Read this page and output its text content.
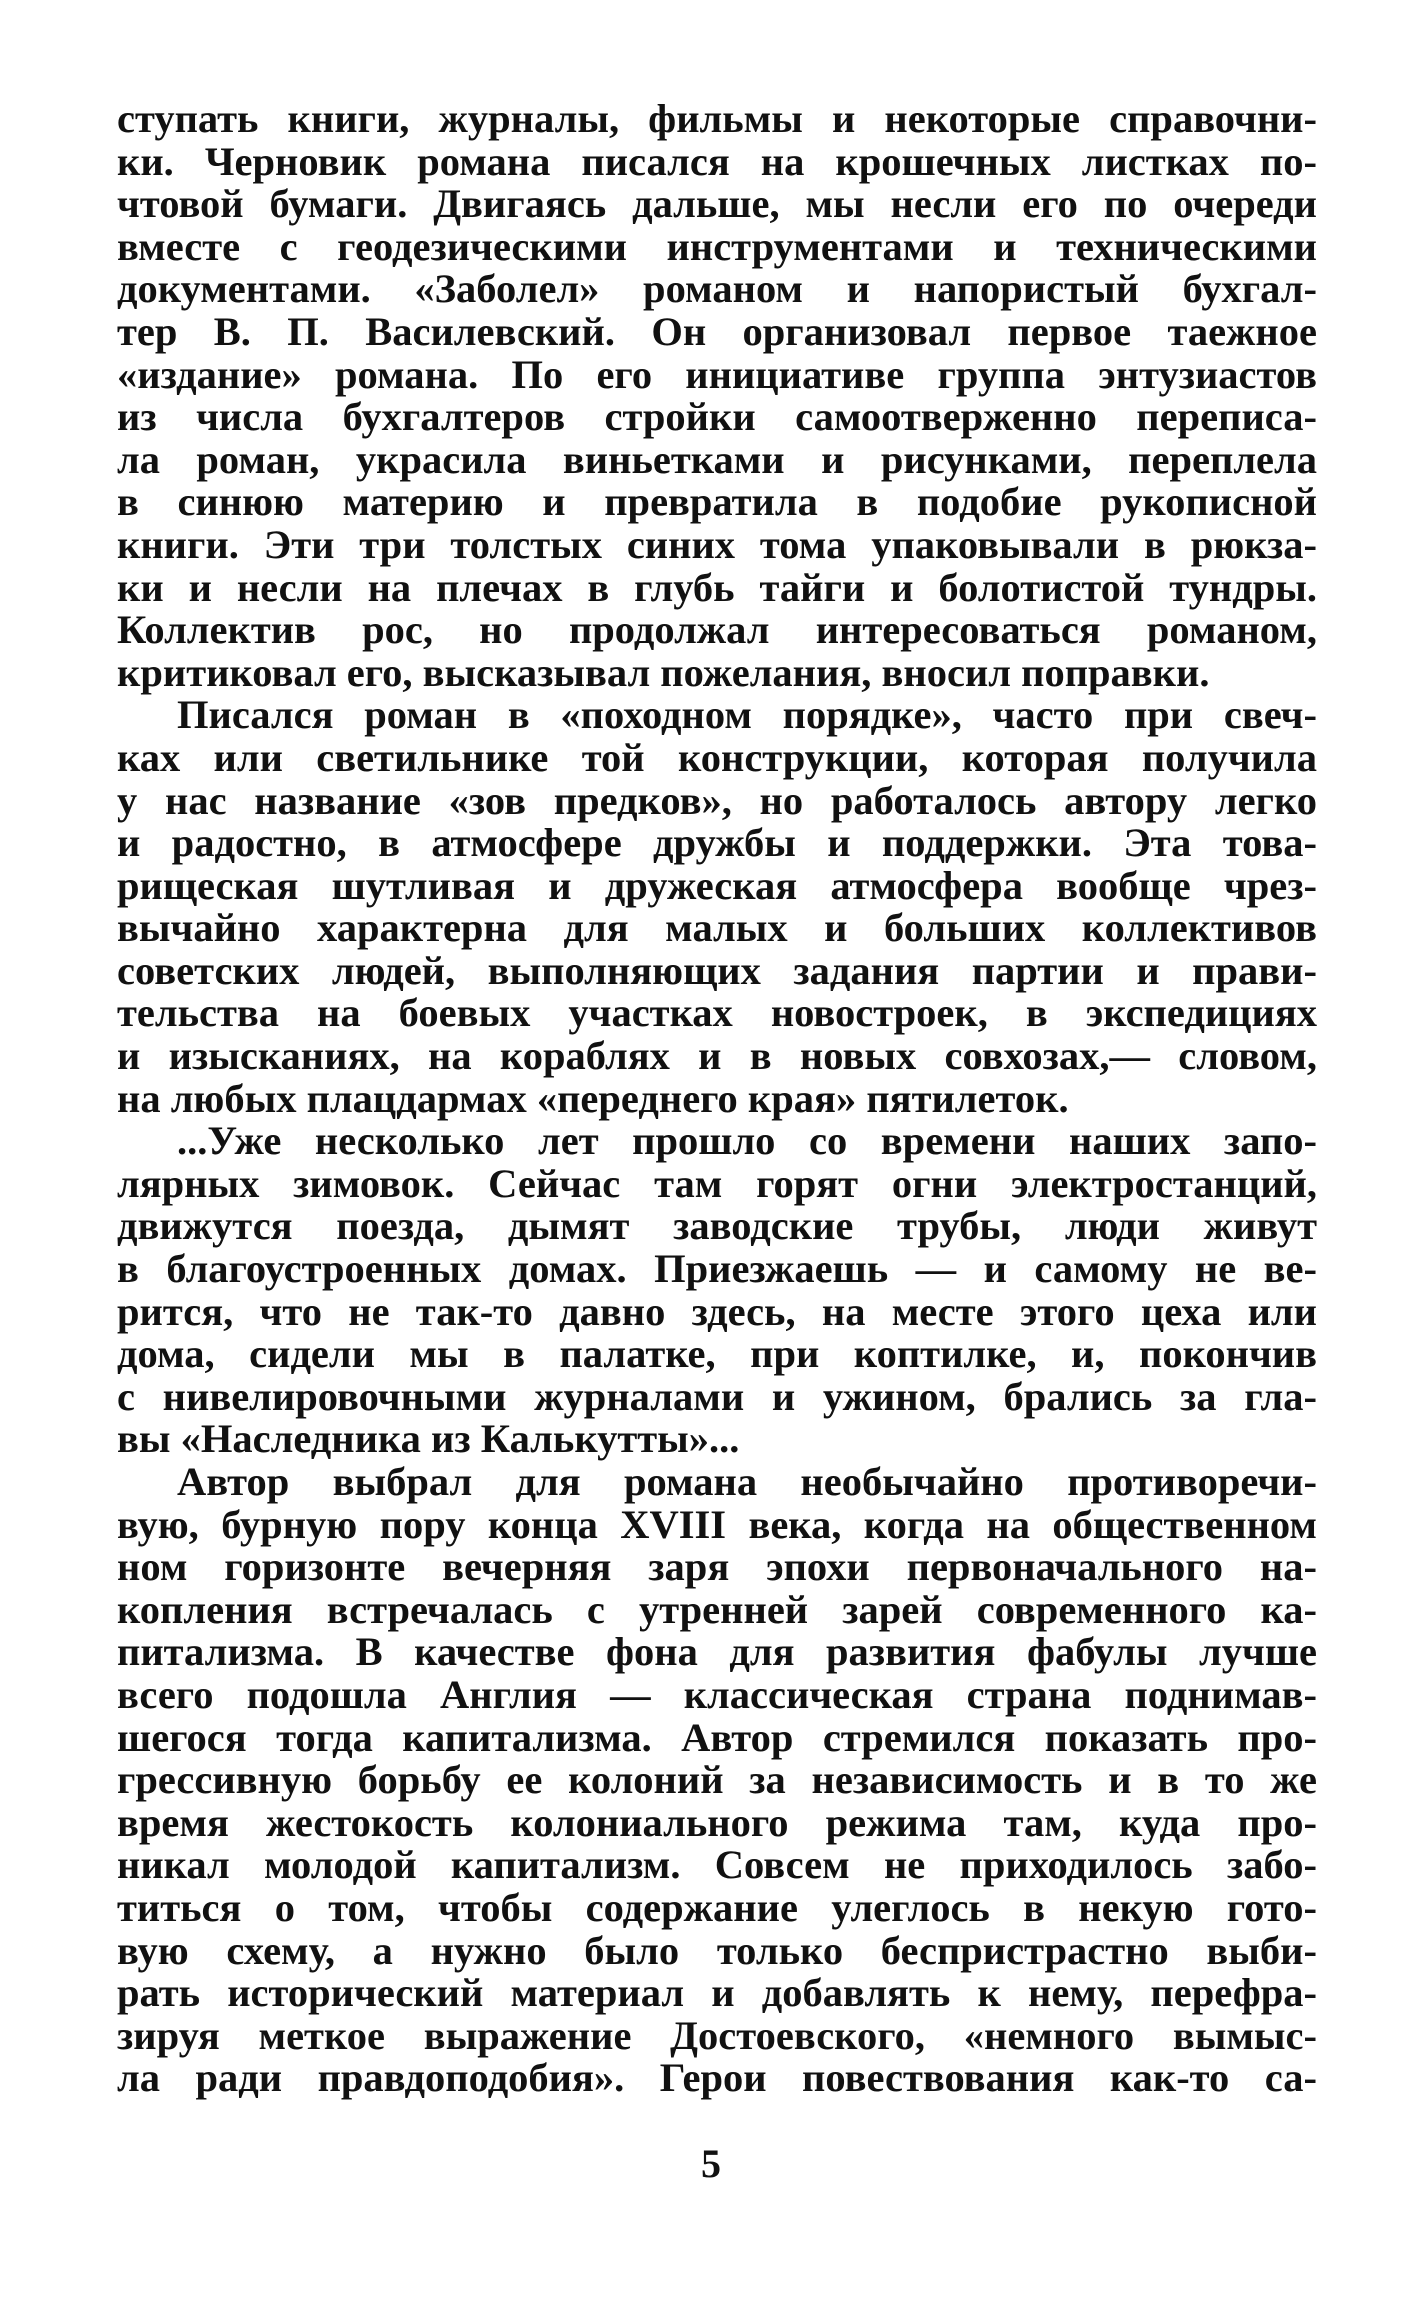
ступать книги, журналы, фильмы и некоторые справочни-
ки. Черновик романа писался на крошечных листках по-
чтовой бумаги. Двигаясь дальше, мы несли его по очереди
вместе с геодезическими инструментами и техническими
документами. «Заболел» романом и напористый бухгал-
тер В. П. Василевский. Он организовал первое таежное
«издание» романа. По его инициативе группа энтузиастов
из числа бухгалтеров стройки самоотверженно переписа-
ла роман, украсила виньетками и рисунками, переплела
в синюю материю и превратила в подобие рукописной
книги. Эти три толстых синих тома упаковывали в рюкза-
ки и несли на плечах в глубь тайги и болотистой тундры.
Коллектив рос, но продолжал интересоваться романом,
критиковал его, высказывал пожелания, вносил поправки.
Писался роман в «походном порядке», часто при свеч-
ках или светильнике той конструкции, которая получила
у нас название «зов предков», но работалось автору легко
и радостно, в атмосфере дружбы и поддержки. Эта това-
рищеская шутливая и дружеская атмосфера вообще чрез-
вычайно характерна для малых и больших коллективов
советских людей, выполняющих задания партии и прави-
тельства на боевых участках новостроек, в экспедициях
и изысканиях, на кораблях и в новых совхозах,— словом,
на любых плацдармах «переднего края» пятилеток.
...Уже несколько лет прошло со времени наших запо-
лярных зимовок. Сейчас там горят огни электростанций,
движутся поезда, дымят заводские трубы, люди живут
в благоустроенных домах. Приезжаешь — и самому не ве-
рится, что не так-то давно здесь, на месте этого цеха или
дома, сидели мы в палатке, при коптилке, и, покончив
с нивелировочными журналами и ужином, брались за гла-
вы «Наследника из Калькутты»...
Автор выбрал для романа необычайно противоречи-
вую, бурную пору конца XVIII века, когда на общественном
ном горизонте вечерняя заря эпохи первоначального на-
копления встречалась с утренней зарей современного ка-
питализма. В качестве фона для развития фабулы лучше
всего подошла Англия — классическая страна поднимав-
шегося тогда капитализма. Автор стремился показать про-
грессивную борьбу ее колоний за независимость и в то же
время жестокость колониального режима там, куда про-
никал молодой капитализм. Совсем не приходилось забо-
титься о том, чтобы содержание улеглось в некую гото-
вую схему, а нужно было только беспристрастно выби-
рать исторический материал и добавлять к нему, перефра-
зируя меткое выражение Достоевского, «немного вымыс-
ла ради правдоподобия». Герои повествования как-то са-
5
